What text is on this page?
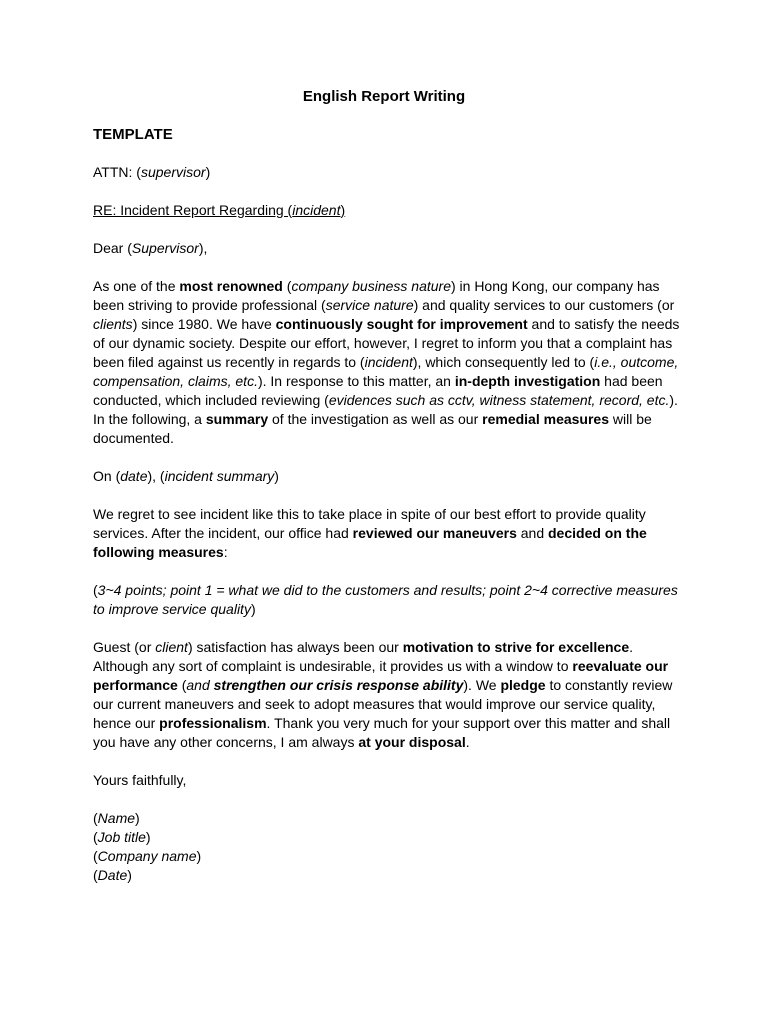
English Report Writing
TEMPLATE

ATTN: (supervisor)

RE: Incident Report Regarding (incident)

Dear (Supervisor),

As one of the most renowned (company business nature) in Hong Kong, our company has been striving to provide professional (service nature) and quality services to our customers (or clients) since 1980. We have continuously sought for improvement and to satisfy the needs of our dynamic society. Despite our effort, however, I regret to inform you that a complaint has been filed against us recently in regards to (incident), which consequently led to (i.e., outcome, compensation, claims, etc.). In response to this matter, an in-depth investigation had been conducted, which included reviewing (evidences such as cctv, witness statement, record, etc.). In the following, a summary of the investigation as well as our remedial measures will be documented.

On (date), (incident summary)

We regret to see incident like this to take place in spite of our best effort to provide quality services. After the incident, our office had reviewed our maneuvers and decided on the following measures:

(3~4 points; point 1 = what we did to the customers and results; point 2~4 corrective measures to improve service quality)

Guest (or client) satisfaction has always been our motivation to strive for excellence. Although any sort of complaint is undesirable, it provides us with a window to reevaluate our performance (and strengthen our crisis response ability). We pledge to constantly review our current maneuvers and seek to adopt measures that would improve our service quality, hence our professionalism. Thank you very much for your support over this matter and shall you have any other concerns, I am always at your disposal.

Yours faithfully,

(Name)
(Job title)
(Company name)
(Date)
